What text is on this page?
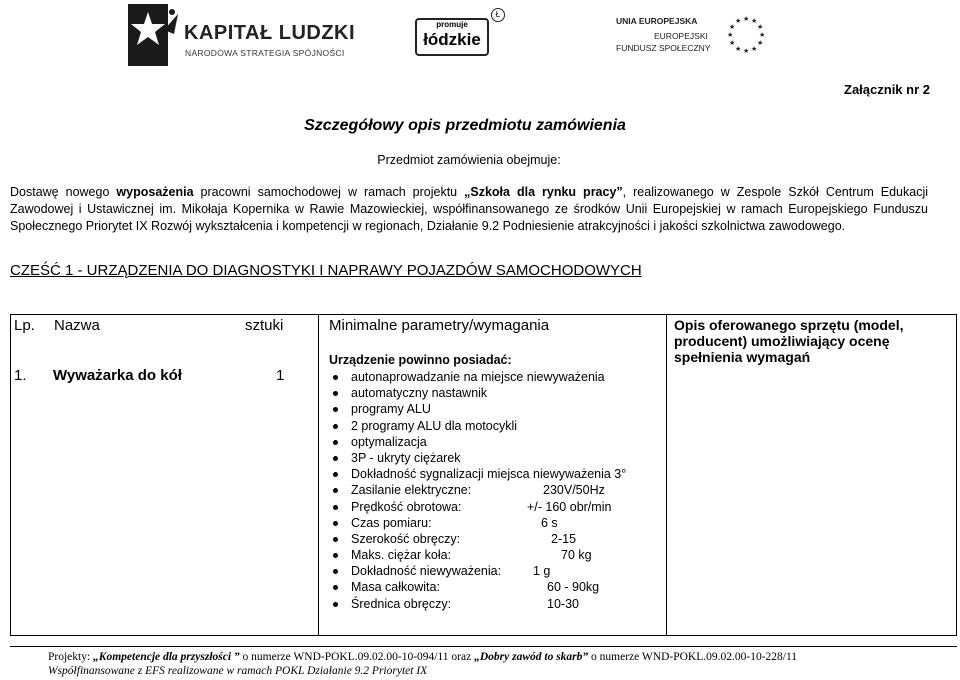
KAPITAŁ LUDZKI
NARODOWA STRATEGIA SPÓJNOŚCI
promuje
łódzkie
Ł
UNIA EUROPEJSKA
EUROPEJSKI
FUNDUSZ SPOŁECZNY
★ ★
★
★
★
★
★
★
★
★
★
★
Załącznik nr 2
Szczegółowy opis przedmiotu zamówienia
Przedmiot zamówienia obejmuje:
Dostawę nowego wyposażenia pracowni samochodowej w ramach projektu „Szkoła dla rynku pracy”, realizowanego w Zespole Szkół Centrum Edukacji Zawodowej i Ustawicznej im. Mikołaja Kopernika w Rawie Mazowieckiej, współfinansowanego ze środków Unii Europejskiej w ramach Europejskiego Funduszu Społecznego Priorytet IX Rozwój wykształcenia i kompetencji w regionach, Działanie 9.2 Podniesienie atrakcyjności i jakości szkolnictwa zawodowego.
CZEŚĆ 1 - URZĄDZENIA DO DIAGNOSTYKI I NAPRAWY POJAZDÓW SAMOCHODOWYCH
Lp. Nazwa	sztuki	Minimalne parametry/wymagania	Opis oferowanego sprzętu (model, producent) umożliwiający ocenę spełnienia wymagań
1. Wyważarka do kół	1
Urządzenie powinno posiadać:
autonaprowadzanie na miejsce niewyważenia
automatyczny nastawnik
programy ALU
2 programy ALU dla motocykli
optymalizacja
3P - ukryty ciężarek
Dokładność sygnalizacji miejsca niewyważenia 3°
Zasilanie elektryczne:	230V/50Hz
Prędkość obrotowa:	+/- 160 obr/min
Czas pomiaru:	6 s
Szerokość obręczy:	2-15
Maks. ciężar koła:	70 kg
Dokładność niewyważenia:	1 g
Masa całkowita:	60 - 90kg
Średnica obręczy:	10-30
Projekty: „Kompetencje dla przyszłości ” o numerze WND-POKL.09.02.00-10-094/11 oraz „Dobry zawód to skarb” o numerze WND-POKL.09.02.00-10-228/11
Współfinansowane z EFS realizowane w ramach POKL Działanie 9.2 Priorytet IX
